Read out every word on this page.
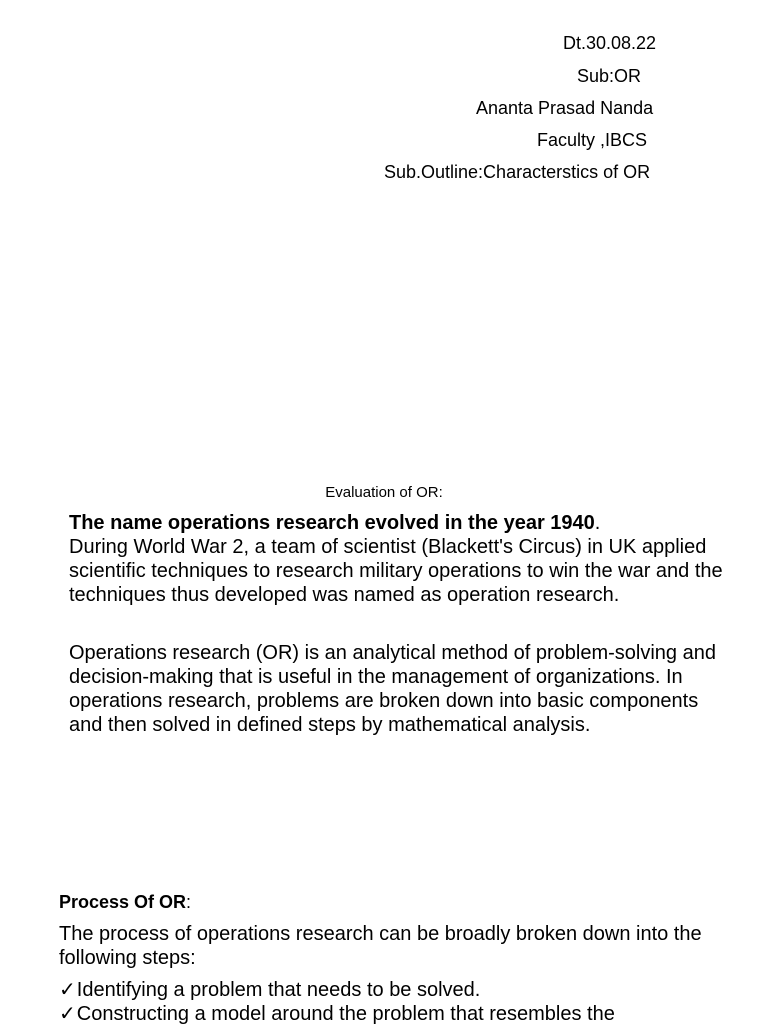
Dt.30.08.22
Sub:OR
Ananta Prasad Nanda
Faculty ,IBCS
Sub.Outline:Characterstics of OR
Evaluation of OR:

The name operations research evolved in the year 1940.
During World War 2, a team of scientist (Blackett's Circus) in UK applied scientific techniques to research military operations to win the war and the techniques thus developed was named as operation research.

Operations research (OR) is an analytical method of problem-solving and decision-making that is useful in the management of organizations. In operations research, problems are broken down into basic components and then solved in defined steps by mathematical analysis.

Process Of OR:

The process of operations research can be broadly broken down into the following steps:

✓Identifying a problem that needs to be solved.
✓Constructing a model around the problem that resembles the
